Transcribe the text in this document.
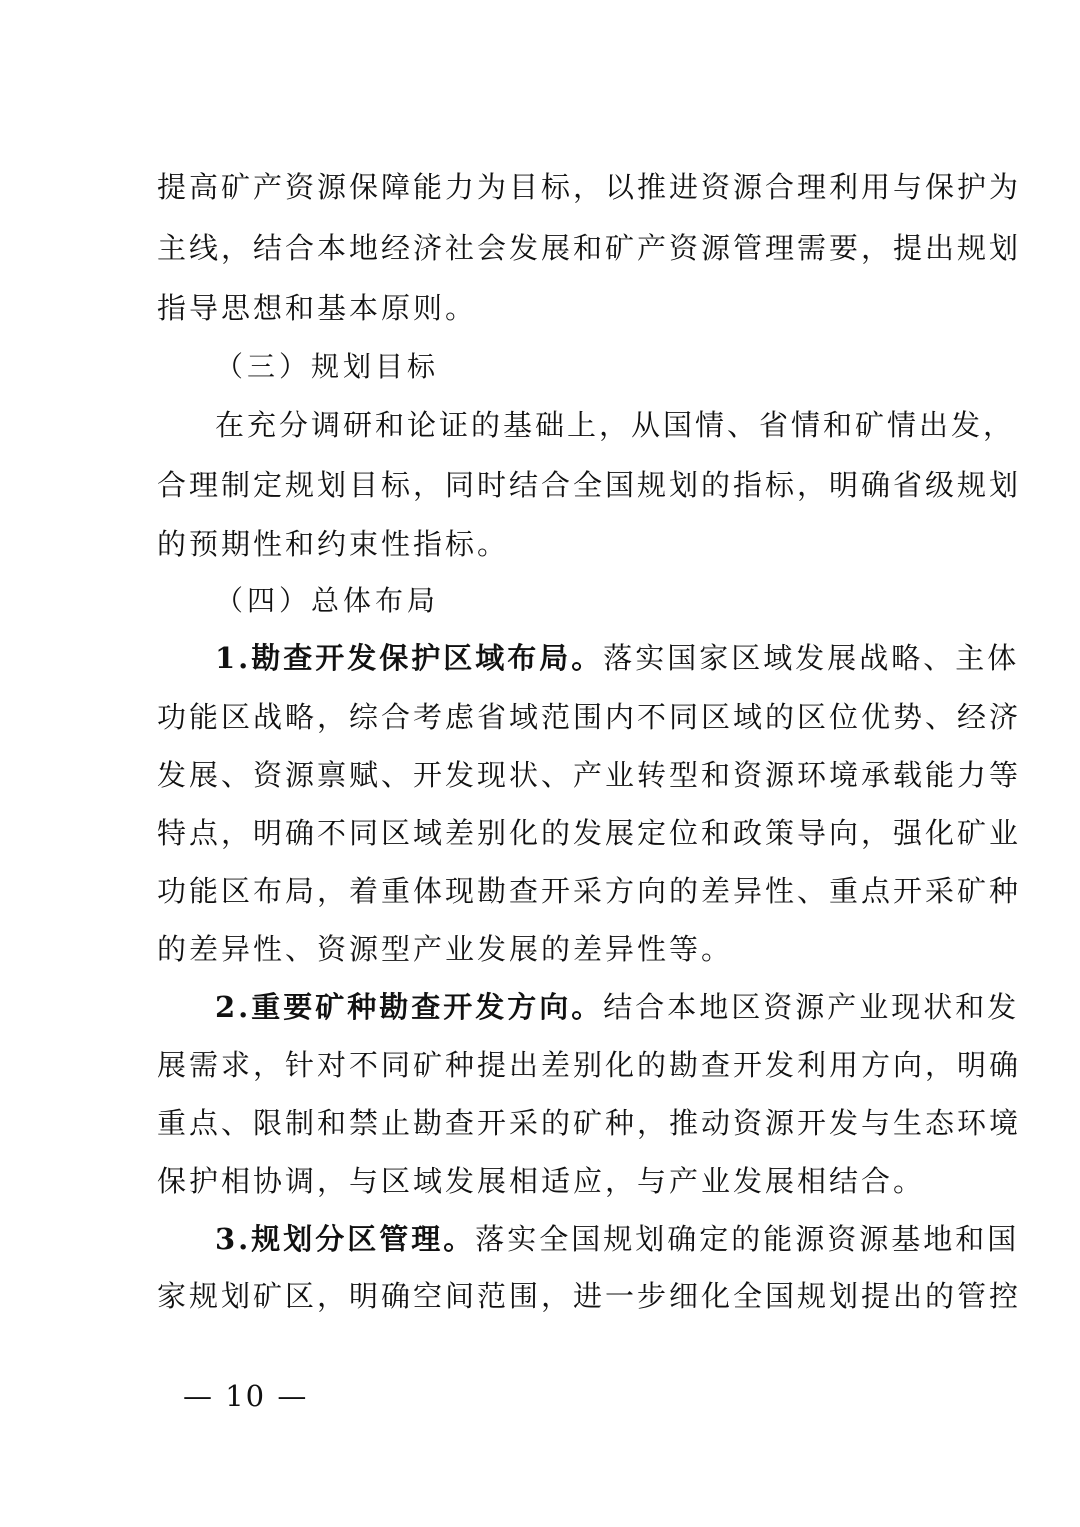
提高矿产资源保障能力为目标，以推进资源合理利用与保护为
主线，结合本地经济社会发展和矿产资源管理需要，提出规划
指导思想和基本原则。
（三）规划目标
在充分调研和论证的基础上，从国情、省情和矿情出发，
合理制定规划目标，同时结合全国规划的指标，明确省级规划
的预期性和约束性指标。
（四）总体布局
1.勘查开发保护区域布局。落实国家区域发展战略、主体
功能区战略，综合考虑省域范围内不同区域的区位优势、经济
发展、资源禀赋、开发现状、产业转型和资源环境承载能力等
特点，明确不同区域差别化的发展定位和政策导向，强化矿业
功能区布局，着重体现勘查开采方向的差异性、重点开采矿种
的差异性、资源型产业发展的差异性等。
2.重要矿种勘查开发方向。结合本地区资源产业现状和发
展需求，针对不同矿种提出差别化的勘查开发利用方向，明确
重点、限制和禁止勘查开采的矿种，推动资源开发与生态环境
保护相协调，与区域发展相适应，与产业发展相结合。
3.规划分区管理。落实全国规划确定的能源资源基地和国
家规划矿区，明确空间范围，进一步细化全国规划提出的管控
— 10 —
